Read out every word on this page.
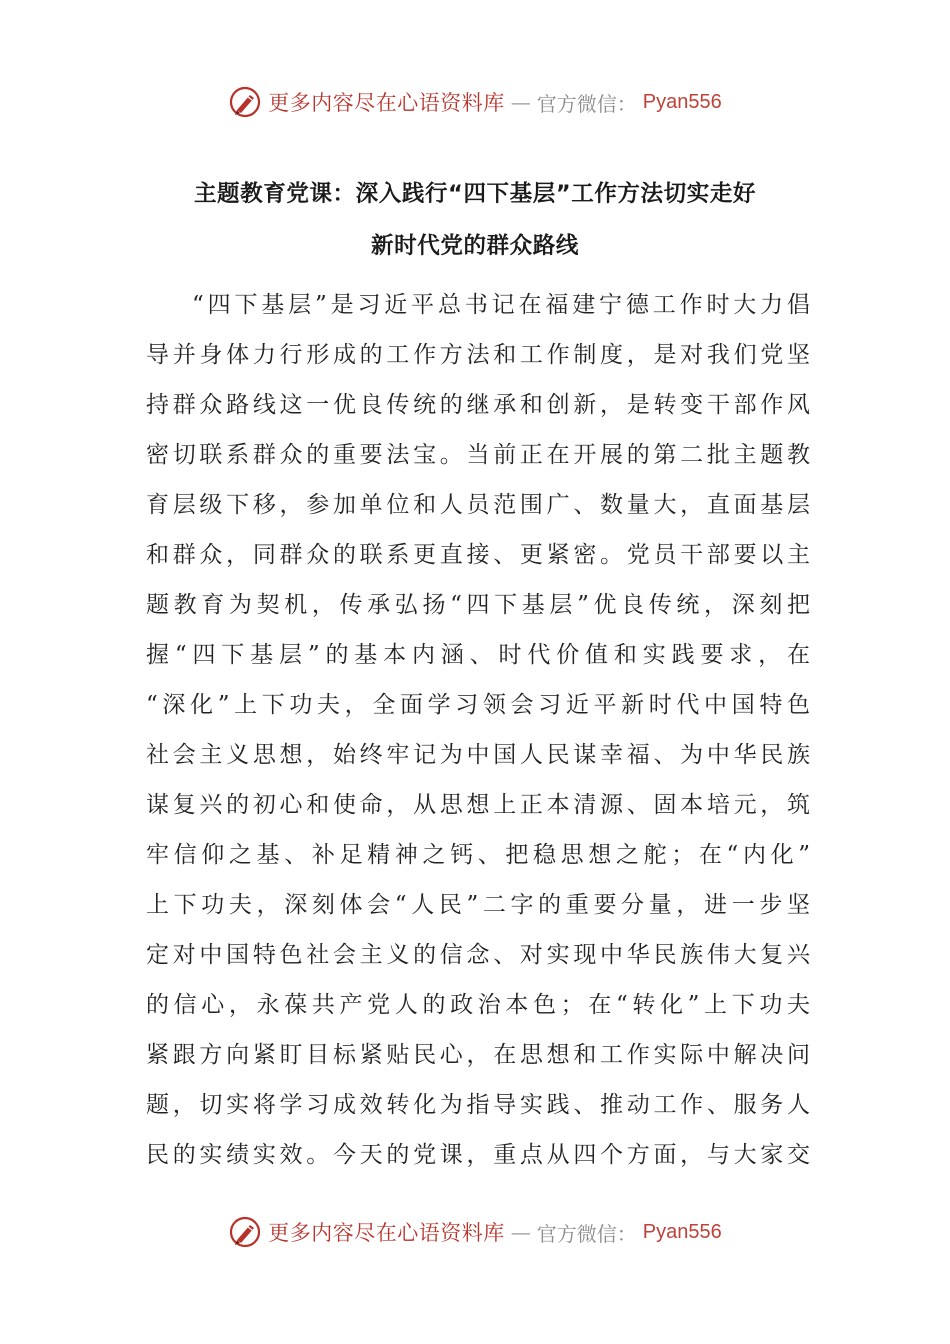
更多内容尽在心语资料库 — 官方微信： Pyan556
主题教育党课：深入践行“四下基层”工作方法切实走好
新时代党的群众路线
“四下基层”是习近平总书记在福建宁德工作时大力倡
导并身体力行形成的工作方法和工作制度，是对我们党坚
持群众路线这一优良传统的继承和创新，是转变干部作风
密切联系群众的重要法宝。当前正在开展的第二批主题教
育层级下移，参加单位和人员范围广、数量大，直面基层
和群众，同群众的联系更直接、更紧密。党员干部要以主
题教育为契机，传承弘扬“四下基层”优良传统，深刻把
握“四下基层”的基本内涵、时代价值和实践要求，在
“深化”上下功夫，全面学习领会习近平新时代中国特色
社会主义思想，始终牢记为中国人民谋幸福、为中华民族
谋复兴的初心和使命，从思想上正本清源、固本培元，筑
牢信仰之基、补足精神之钙、把稳思想之舵；在“内化”
上下功夫，深刻体会“人民”二字的重要分量，进一步坚
定对中国特色社会主义的信念、对实现中华民族伟大复兴
的信心，永葆共产党人的政治本色；在“转化”上下功夫
紧跟方向紧盯目标紧贴民心，在思想和工作实际中解决问
题，切实将学习成效转化为指导实践、推动工作、服务人
民的实绩实效。今天的党课，重点从四个方面，与大家交
更多内容尽在心语资料库 — 官方微信： Pyan556
